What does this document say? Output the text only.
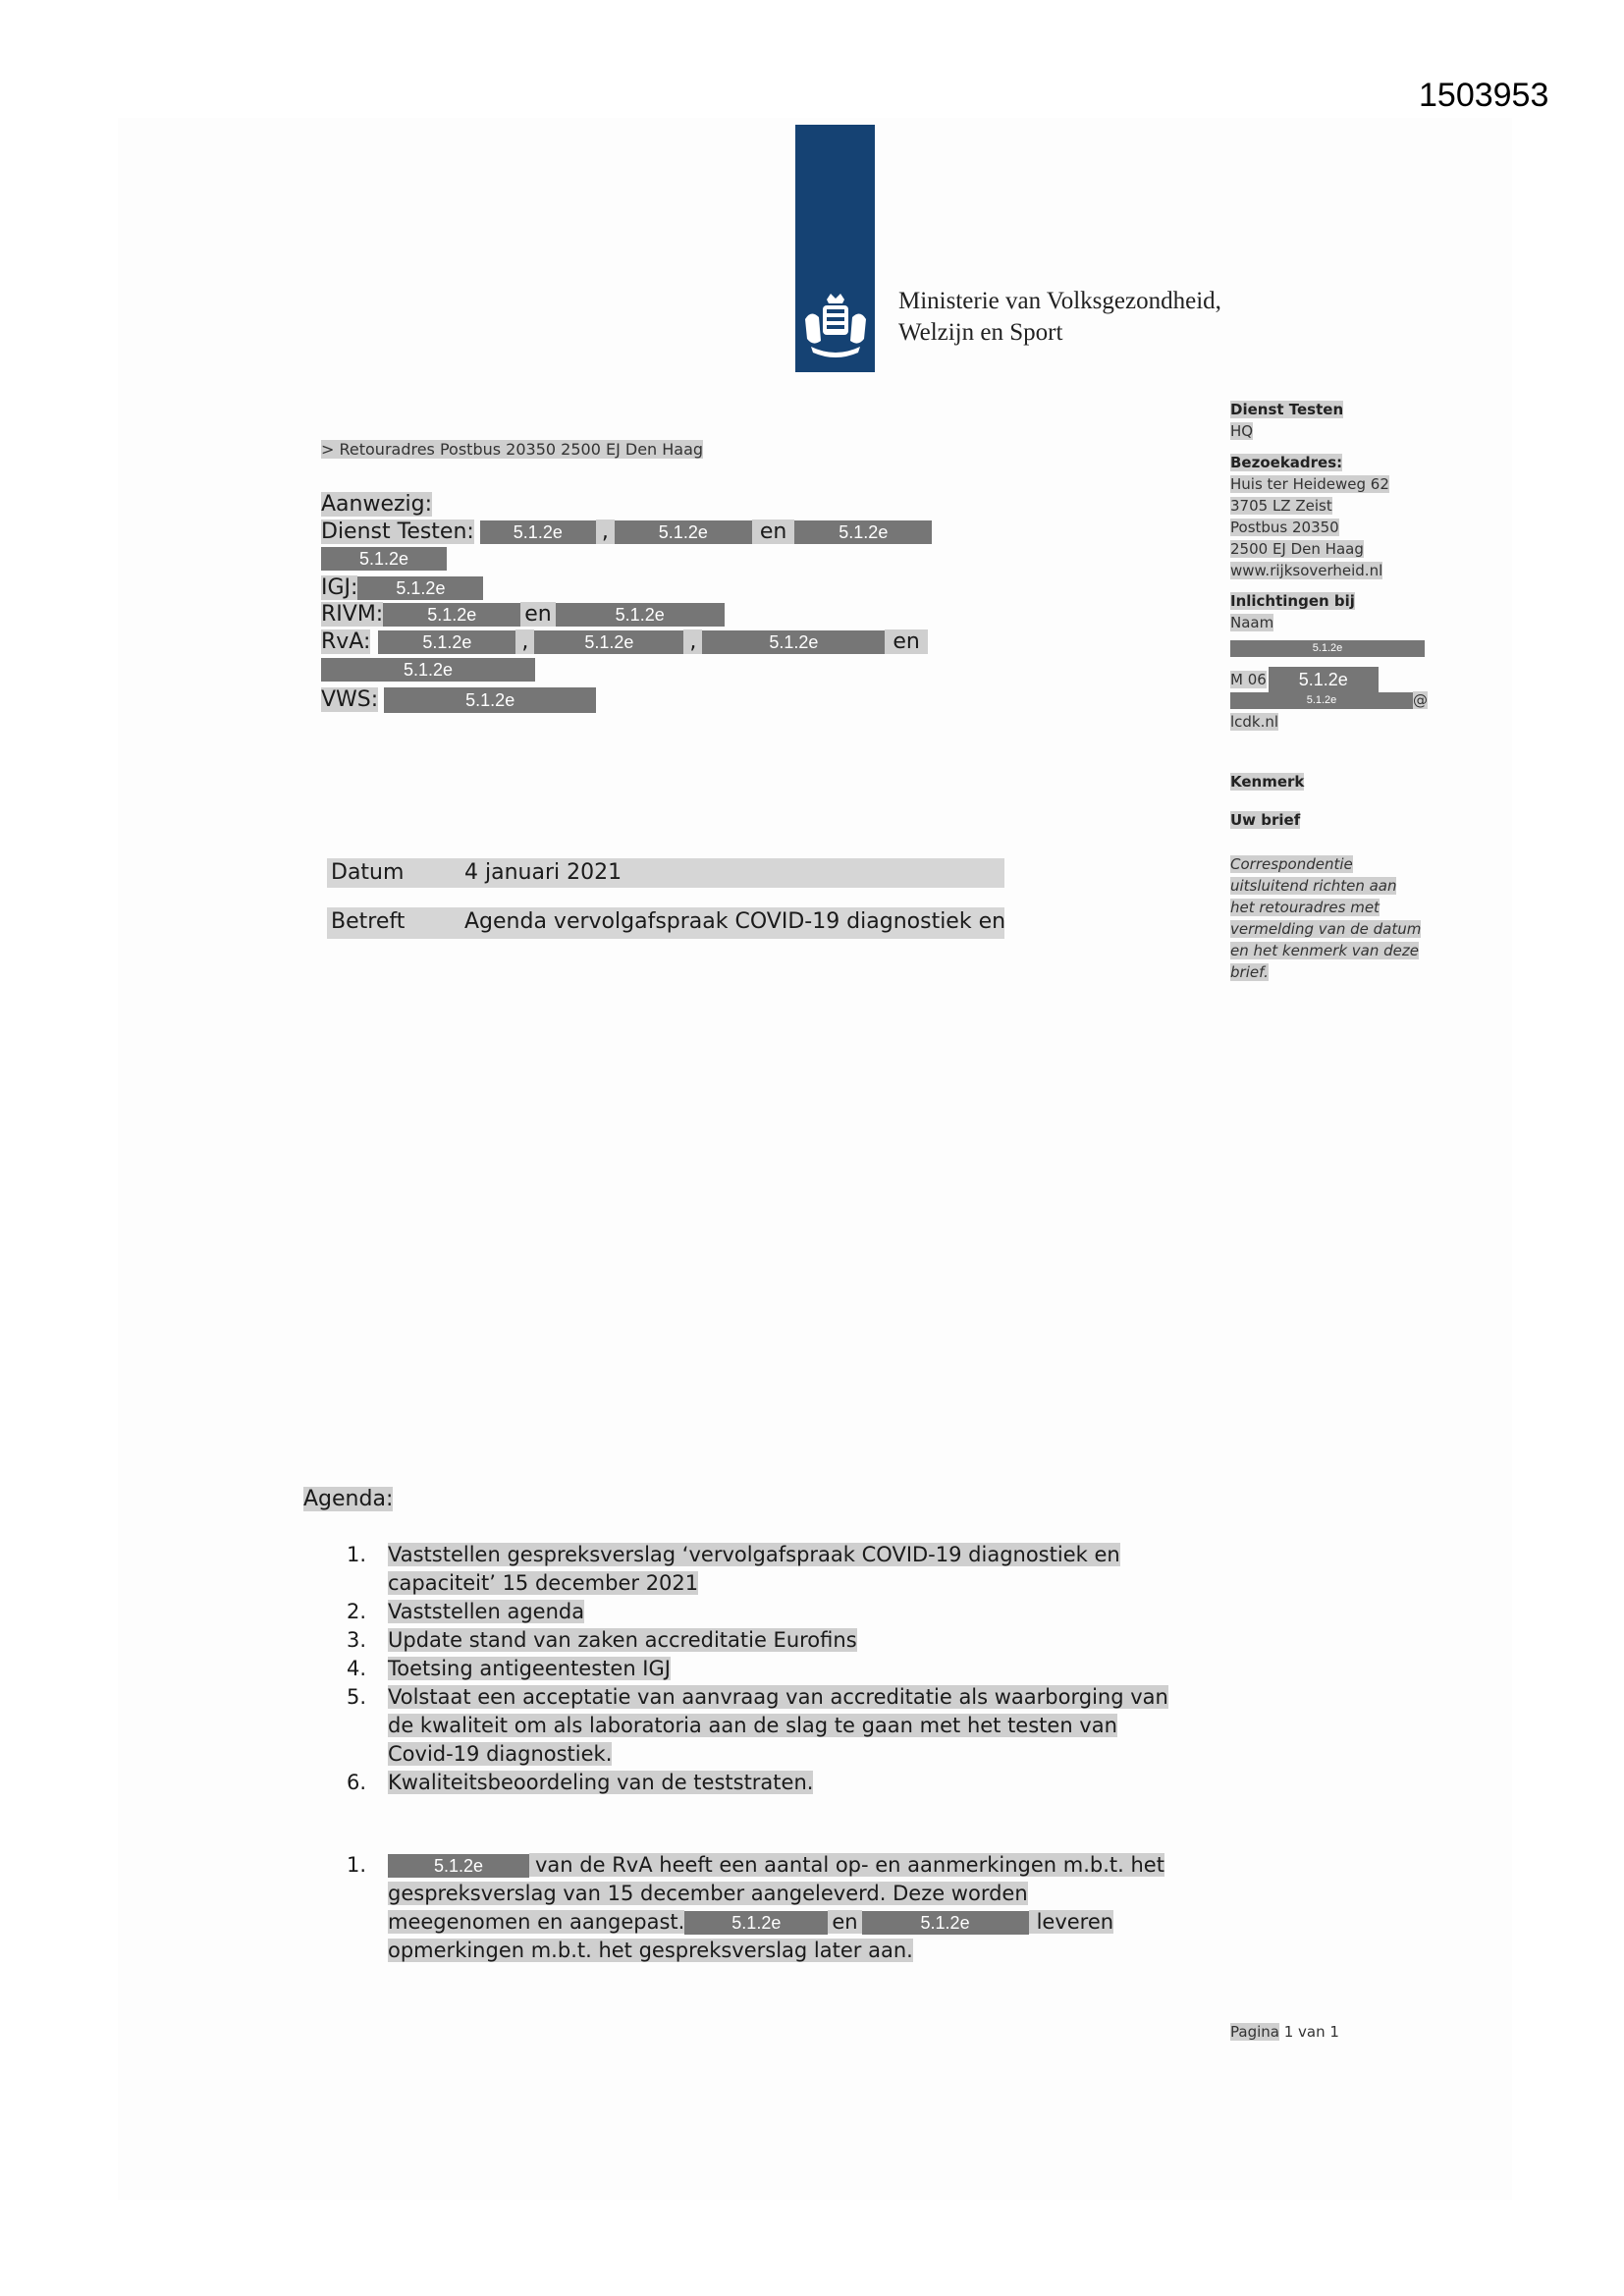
1503953
Ministerie van Volksgezondheid,
Welzijn en Sport
> Retouradres Postbus 20350 2500 EJ Den Haag
Aanwezig:
Dienst Testen: 5.1.2e ,	5.1.2e en	5.1.2e
5.1.2e
IGJ: 5.1.2e
RIVM: 5.1.2e en	5.1.2e
RvA:	5.1.2e ,	5.1.2e	,	5.1.2e	en
5.1.2e
VWS:	5.1.2e
Dienst Testen
HQ
Bezoekadres:
Huis ter Heideweg 62
3705 LZ Zeist
Postbus 20350
2500 EJ Den Haag
www.rijksoverheid.nl
Inlichtingen bij
Naam
5.1.2e
M 06 5.1.2e
5.1.2e	@
lcdk.nl
Kenmerk
Uw brief
Correspondentie
uitsluitend richten aan
het retouradres met
vermelding van de datum
en het kenmerk van deze
brief.
Datum	4 januari 2021
Betreft	Agenda vervolgafspraak COVID-19 diagnostiek en
Agenda:
1.	Vaststellen gespreksverslag ‘vervolgafspraak COVID-19 diagnostiek en
capaciteit’ 15 december 2021
2.	Vaststellen agenda
3.	Update stand van zaken accreditatie Eurofins
4.	Toetsing antigeentesten IGJ
5.	Volstaat een acceptatie van aanvraag van accreditatie als waarborging van
de kwaliteit om als laboratoria aan de slag te gaan met het testen van
Covid-19 diagnostiek.
6.	Kwaliteitsbeoordeling van de teststraten.
1.	5.1.2e	van de RvA heeft een aantal op- en aanmerkingen m.b.t. het
gespreksverslag van 15 december aangeleverd. Deze worden
meegenomen en aangepast.	5.1.2e en	5.1.2e	leveren
opmerkingen m.b.t. het gespreksverslag later aan.
Pagina 1 van 1
